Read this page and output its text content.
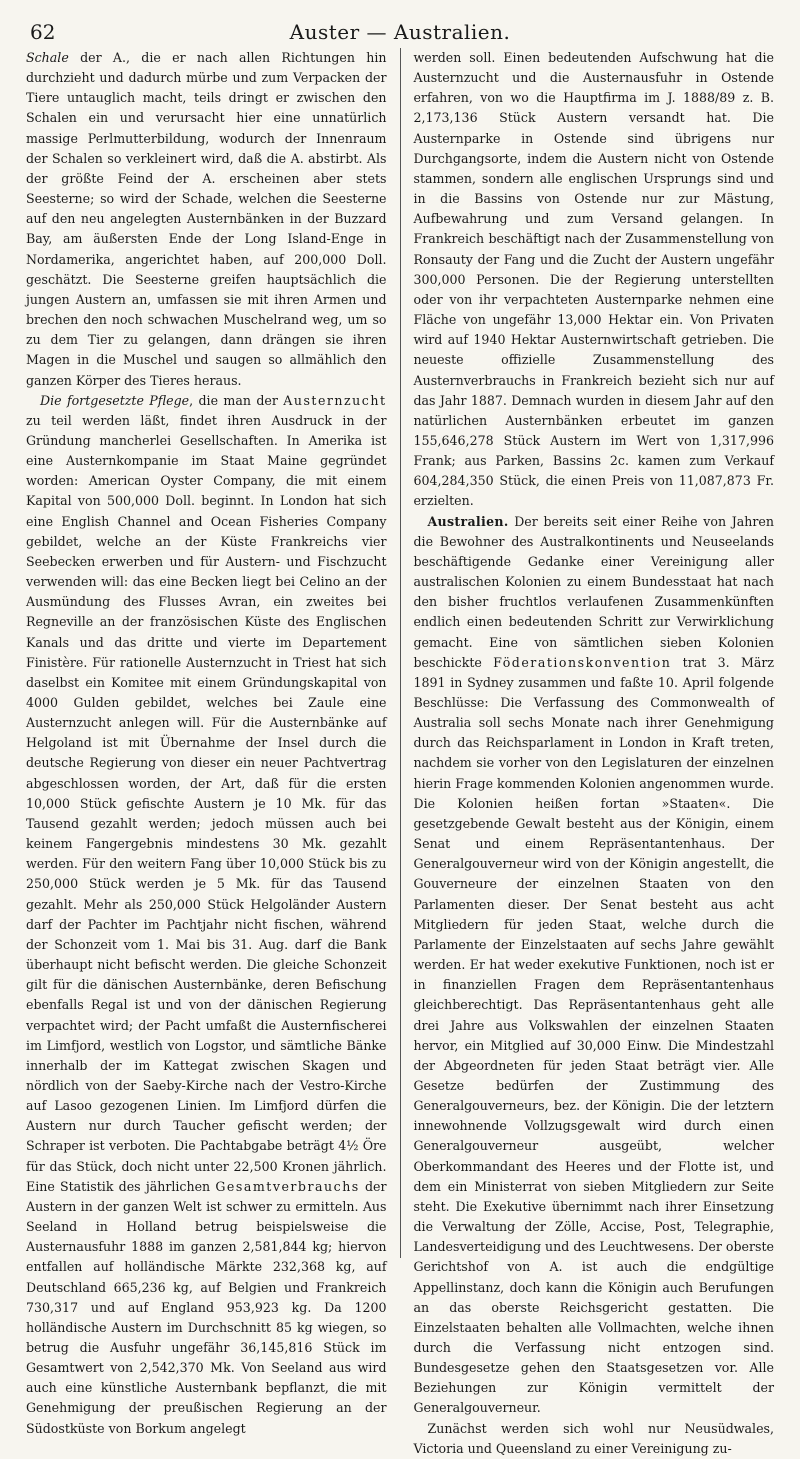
62	Auster — Australien.

Schale der A., die er nach allen Richtungen hin durchzieht und dadurch mürbe und zum Verpacken der Tiere untauglich macht, teils dringt er zwischen den Schalen ein und verursacht hier eine unnatürlich massige Perlmutterbildung, wodurch der Innenraum der Schalen so verkleinert wird, daß die A. abstirbt. Als der größte Feind der A. erscheinen aber stets Seesterne; so wird der Schade, welchen die Seesterne auf den neu angelegten Austernbänken in der Buzzard Bay, am äußersten Ende der Long Island-Enge in Nordamerika, angerichtet haben, auf 200,000 Doll. geschätzt. Die Seesterne greifen hauptsächlich die jungen Austern an, umfassen sie mit ihren Armen und brechen den noch schwachen Muschelrand weg, um so zu dem Tier zu gelangen, dann drängen sie ihren Magen in die Muschel und saugen so allmählich den ganzen Körper des Tieres heraus.

Die fortgesetzte Pflege, die man der Austernzucht zu teil werden läßt, findet ihren Ausdruck in der Gründung mancherlei Gesellschaften. In Amerika ist eine Austernkompanie im Staat Maine gegründet worden: American Oyster Company, die mit einem Kapital von 500,000 Doll. beginnt. In London hat sich eine English Channel and Ocean Fisheries Company gebildet, welche an der Küste Frankreichs vier Seebecken erwerben und für Austern- und Fischzucht verwenden will: das eine Becken liegt bei Celino an der Ausmündung des Flusses Avran, ein zweites bei Regneville an der französischen Küste des Englischen Kanals und das dritte und vierte im Departement Finistère. Für rationelle Austernzucht in Triest hat sich daselbst ein Komitee mit einem Gründungskapital von 4000 Gulden gebildet, welches bei Zaule eine Austernzucht anlegen will. Für die Austernbänke auf Helgoland ist mit Übernahme der Insel durch die deutsche Regierung von dieser ein neuer Pachtvertrag abgeschlossen worden, der Art, daß für die ersten 10,000 Stück gefischte Austern je 10 Mk. für das Tausend gezahlt werden; jedoch müssen auch bei keinem Fangergebnis mindestens 30 Mk. gezahlt werden. Für den weitern Fang über 10,000 Stück bis zu 250,000 Stück werden je 5 Mk. für das Tausend gezahlt. Mehr als 250,000 Stück Helgoländer Austern darf der Pachter im Pachtjahr nicht fischen, während der Schonzeit vom 1. Mai bis 31. Aug. darf die Bank überhaupt nicht befischt werden. Die gleiche Schonzeit gilt für die dänischen Austernbänke, deren Befischung ebenfalls Regal ist und von der dänischen Regierung verpachtet wird; der Pacht umfaßt die Austernfischerei im Limfjord, westlich von Logstor, und sämtliche Bänke innerhalb der im Kattegat zwischen Skagen und nördlich von der Saeby-Kirche nach der Vestro-Kirche auf Lasoo gezogenen Linien. Im Limfjord dürfen die Austern nur durch Taucher gefischt werden; der Schraper ist verboten. Die Pachtabgabe beträgt 4½ Öre für das Stück, doch nicht unter 22,500 Kronen jährlich. Eine Statistik des jährlichen Gesamtverbrauchs der Austern in der ganzen Welt ist schwer zu ermitteln. Aus Seeland in Holland betrug beispielsweise die Austernausfuhr 1888 im ganzen 2,581,844 kg; hiervon entfallen auf holländische Märkte 232,368 kg, auf Deutschland 665,236 kg, auf Belgien und Frankreich 730,317 und auf England 953,923 kg. Da 1200 holländische Austern im Durchschnitt 85 kg wiegen, so betrug die Ausfuhr ungefähr 36,145,816 Stück im Gesamtwert von 2,542,370 Mk. Von Seeland aus wird auch eine künstliche Austernbank bepflanzt, die mit Genehmigung der preußischen Regierung an der Südostküste von Borkum angelegt

werden soll. Einen bedeutenden Aufschwung hat die Austernzucht und die Austernausfuhr in Ostende erfahren, von wo die Hauptfirma im J. 1888/89 z. B. 2,173,136 Stück Austern versandt hat. Die Austernparke in Ostende sind übrigens nur Durchgangsorte, indem die Austern nicht von Ostende stammen, sondern alle englischen Ursprungs sind und in die Bassins von Ostende nur zur Mästung, Aufbewahrung und zum Versand gelangen. In Frankreich beschäftigt nach der Zusammenstellung von Ronsauty der Fang und die Zucht der Austern ungefähr 300,000 Personen. Die der Regierung unterstellten oder von ihr verpachteten Austernparke nehmen eine Fläche von ungefähr 13,000 Hektar ein. Von Privaten wird auf 1940 Hektar Austernwirtschaft getrieben. Die neueste offizielle Zusammenstellung des Austernverbrauchs in Frankreich bezieht sich nur auf das Jahr 1887. Demnach wurden in diesem Jahr auf den natürlichen Austernbänken erbeutet im ganzen 155,646,278 Stück Austern im Wert von 1,317,996 Frank; aus Parken, Bassins 2c. kamen zum Verkauf 604,284,350 Stück, die einen Preis von 11,087,873 Fr. erzielten.

Australien. Der bereits seit einer Reihe von Jahren die Bewohner des Australkontinents und Neuseelands beschäftigende Gedanke einer Vereinigung aller australischen Kolonien zu einem Bundesstaat hat nach den bisher fruchtlos verlaufenen Zusammenkünften endlich einen bedeutenden Schritt zur Verwirklichung gemacht. Eine von sämtlichen sieben Kolonien beschickte Föderationskonvention trat 3. März 1891 in Sydney zusammen und faßte 10. April folgende Beschlüsse: Die Verfassung des Commonwealth of Australia soll sechs Monate nach ihrer Genehmigung durch das Reichsparlament in London in Kraft treten, nachdem sie vorher von den Legislaturen der einzelnen hierin Frage kommenden Kolonien angenommen wurde. Die Kolonien heißen fortan »Staaten«. Die gesetzgebende Gewalt besteht aus der Königin, einem Senat und einem Repräsentantenhaus. Der Generalgouverneur wird von der Königin angestellt, die Gouverneure der einzelnen Staaten von den Parlamenten dieser. Der Senat besteht aus acht Mitgliedern für jeden Staat, welche durch die Parlamente der Einzelstaaten auf sechs Jahre gewählt werden. Er hat weder exekutive Funktionen, noch ist er in finanziellen Fragen dem Repräsentantenhaus gleichberechtigt. Das Repräsentantenhaus geht alle drei Jahre aus Volkswahlen der einzelnen Staaten hervor, ein Mitglied auf 30,000 Einw. Die Mindestzahl der Abgeordneten für jeden Staat beträgt vier. Alle Gesetze bedürfen der Zustimmung des Generalgouverneurs, bez. der Königin. Die der letztern innewohnende Vollzugsgewalt wird durch einen Generalgouverneur ausgeübt, welcher Oberkommandant des Heeres und der Flotte ist, und dem ein Ministerrat von sieben Mitgliedern zur Seite steht. Die Exekutive übernimmt nach ihrer Einsetzung die Verwaltung der Zölle, Accise, Post, Telegraphie, Landesverteidigung und des Leuchtwesens. Der oberste Gerichtshof von A. ist auch die endgültige Appellinstanz, doch kann die Königin auch Berufungen an das oberste Reichsgericht gestatten. Die Einzelstaaten behalten alle Vollmachten, welche ihnen durch die Verfassung nicht entzogen sind. Bundesgesetze gehen den Staatsgesetzen vor. Alle Beziehungen zur Königin vermittelt der Generalgouverneur.

Zunächst werden sich wohl nur Neusüdwales, Victoria und Queensland zu einer Vereinigung zu-
